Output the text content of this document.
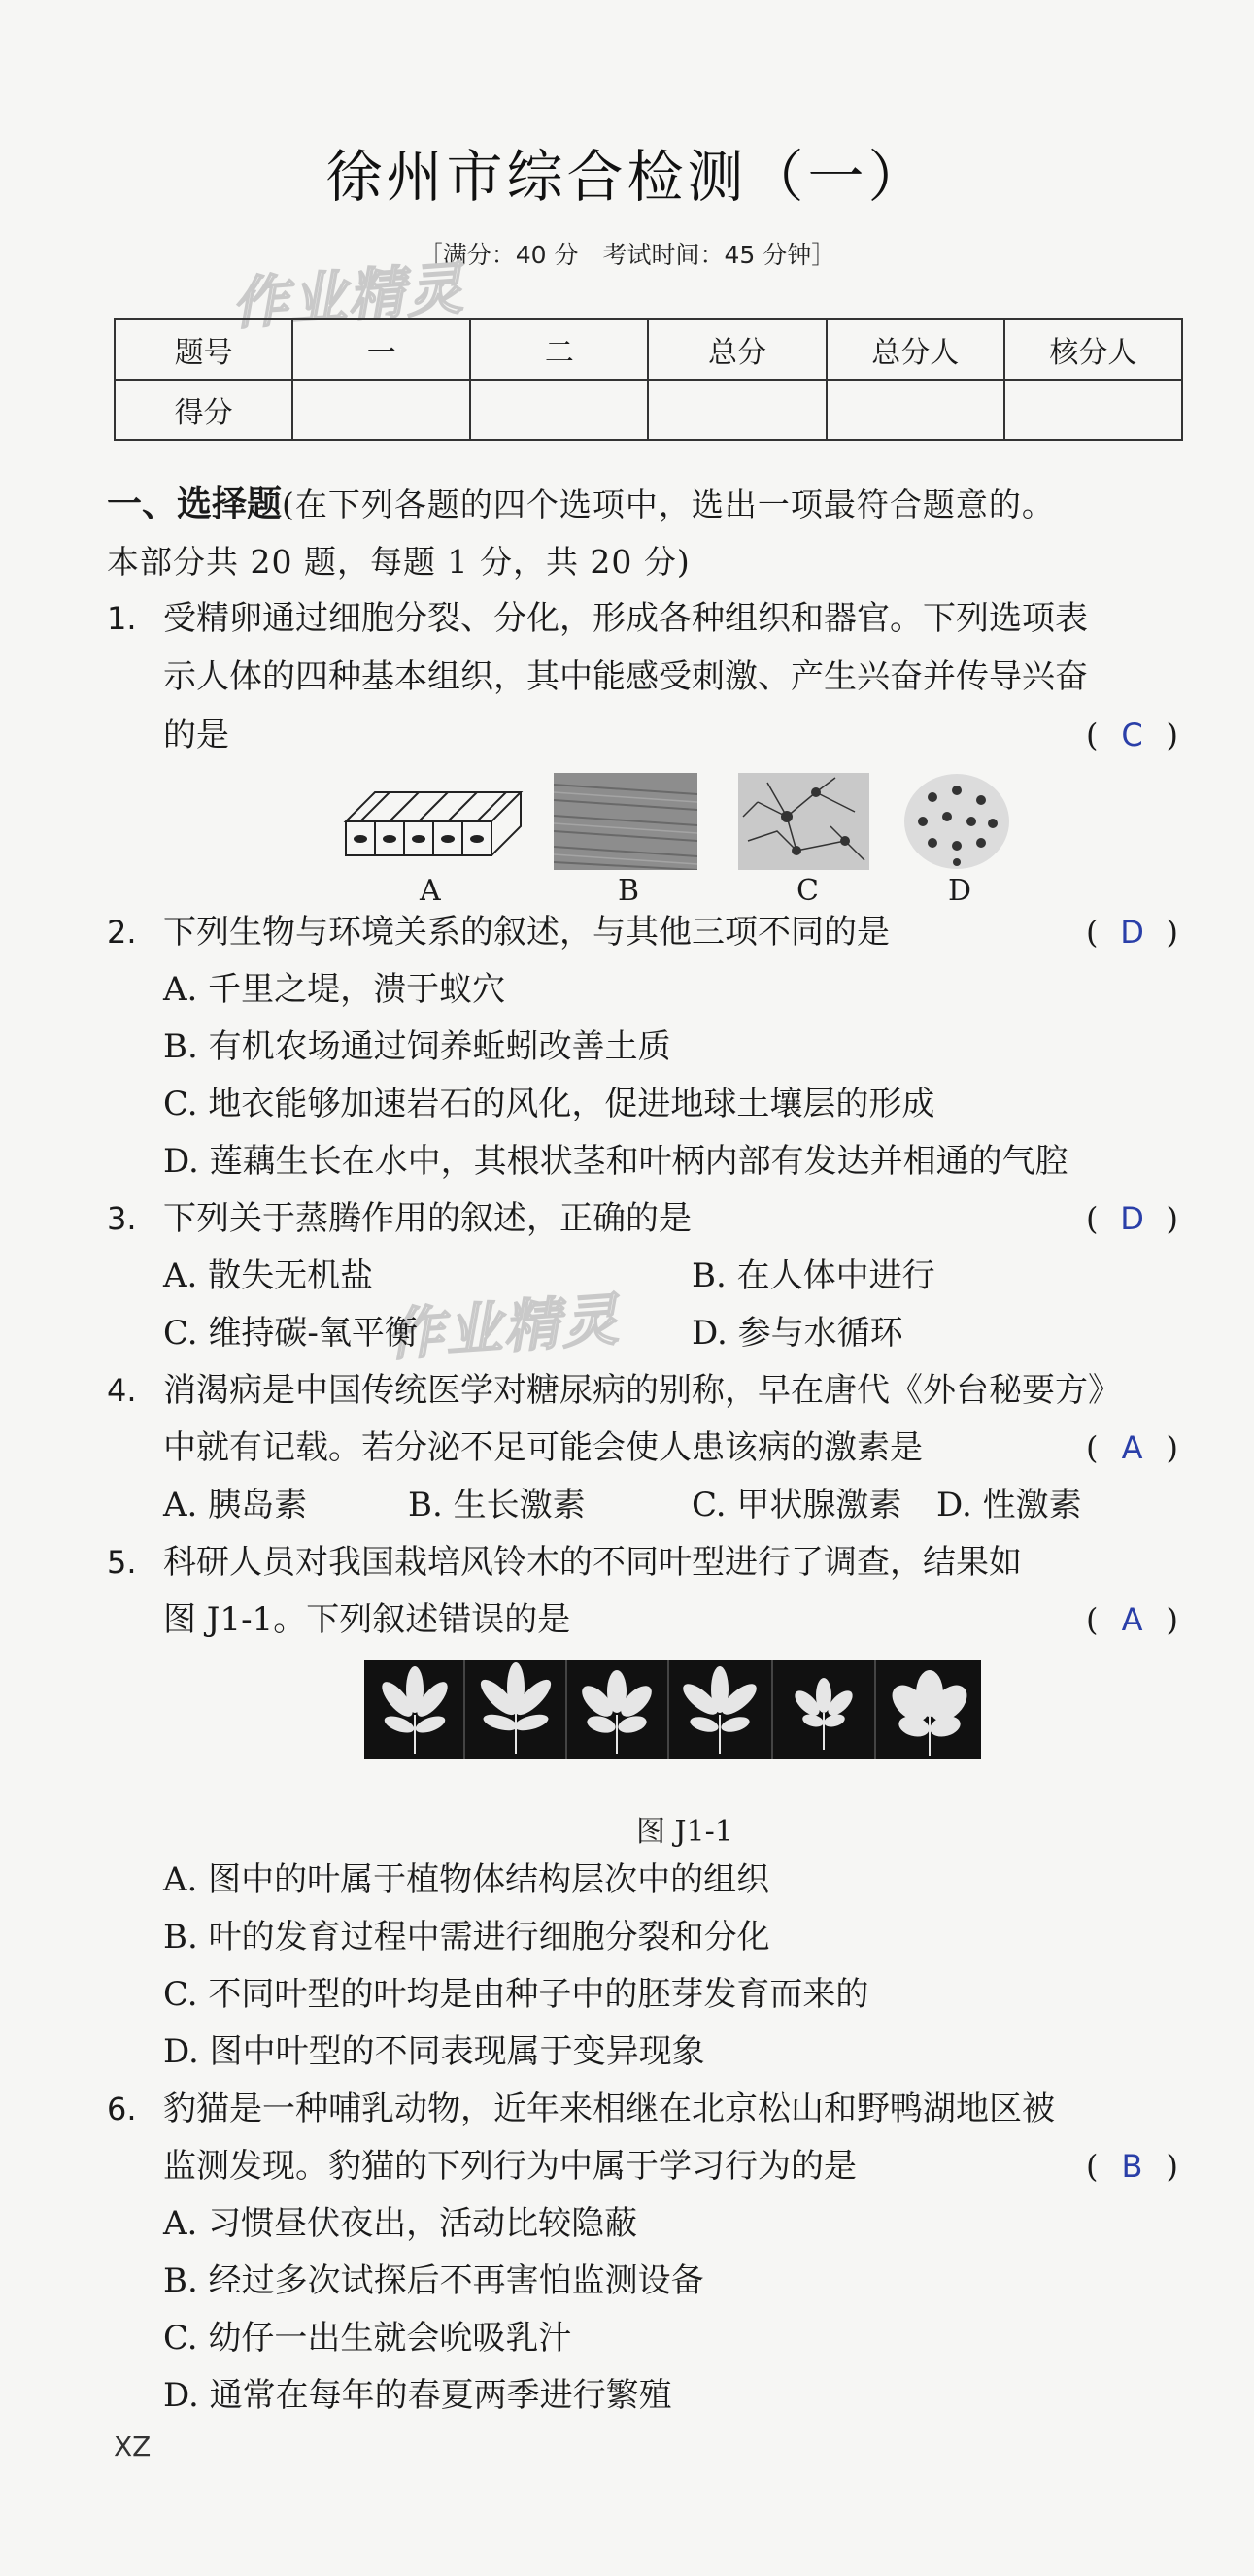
徐州市综合检测（一）
［满分：40 分　考试时间：45 分钟］
作业精灵
作业精灵
题号	一	二	总分	总分人	核分人
得分					
一、选择题(在下列各题的四个选项中，选出一项最符合题意的。
本部分共 20 题，每题 1 分，共 20 分)
1. 受精卵通过细胞分裂、分化，形成各种组织和器官。下列选项表
示人体的四种基本组织，其中能感受刺激、产生兴奋并传导兴奋
的是	( C )
A	B	C	D
2. 下列生物与环境关系的叙述，与其他三项不同的是	( D )
A. 千里之堤，溃于蚁穴
B. 有机农场通过饲养蚯蚓改善土质
C. 地衣能够加速岩石的风化，促进地球土壤层的形成
D. 莲藕生长在水中，其根状茎和叶柄内部有发达并相通的气腔
3. 下列关于蒸腾作用的叙述，正确的是	( D )
A. 散失无机盐	B. 在人体中进行
C. 维持碳-氧平衡	D. 参与水循环
4. 消渴病是中国传统医学对糖尿病的别称，早在唐代《外台秘要方》
中就有记载。若分泌不足可能会使人患该病的激素是	( A )
A. 胰岛素	B. 生长激素	C. 甲状腺激素 D. 性激素
5. 科研人员对我国栽培风铃木的不同叶型进行了调查，结果如
图 J1-1。下列叙述错误的是	( A )
图 J1-1
A. 图中的叶属于植物体结构层次中的组织
B. 叶的发育过程中需进行细胞分裂和分化
C. 不同叶型的叶均是由种子中的胚芽发育而来的
D. 图中叶型的不同表现属于变异现象
6. 豹猫是一种哺乳动物，近年来相继在北京松山和野鸭湖地区被
监测发现。豹猫的下列行为中属于学习行为的是	( B )
A. 习惯昼伏夜出，活动比较隐蔽
B. 经过多次试探后不再害怕监测设备
C. 幼仔一出生就会吮吸乳汁
D. 通常在每年的春夏两季进行繁殖
XZ
